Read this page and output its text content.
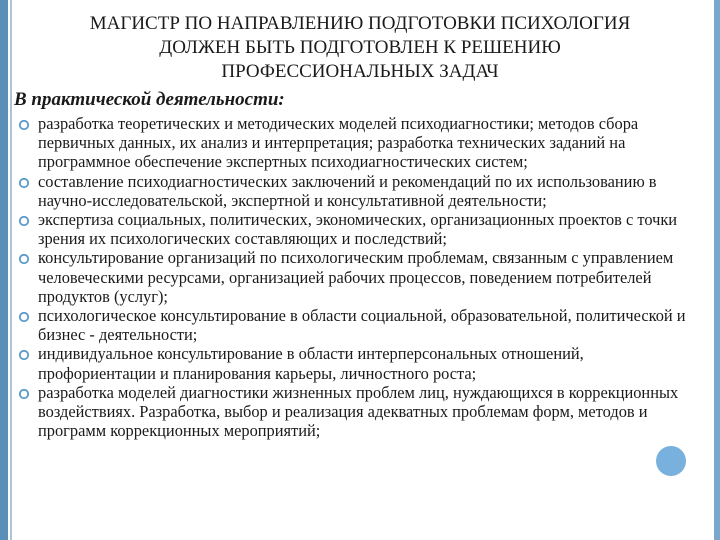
МАГИСТР ПО НАПРАВЛЕНИЮ ПОДГОТОВКИ ПСИХОЛОГИЯ
ДОЛЖЕН БЫТЬ ПОДГОТОВЛЕН К РЕШЕНИЮ
ПРОФЕССИОНАЛЬНЫХ ЗАДАЧ
В практической деятельности:
разработка теоретических и методических моделей психодиагностики; методов сбора первичных данных, их анализ и интерпретация; разработка технических заданий на программное обеспечение экспертных психодиагностических систем;
составление психодиагностических заключений и рекомендаций по их использованию в научно-исследовательской, экспертной и консультативной деятельности;
экспертиза социальных, политических, экономических, организационных проектов с точки зрения их психологических составляющих и последствий;
консультирование организаций по психологическим проблемам, связанным с управлением человеческими ресурсами, организацией рабочих процессов, поведением потребителей продуктов (услуг);
психологическое консультирование в области социальной, образовательной, политической и бизнес - деятельности;
индивидуальное консультирование в области интерперсональных отношений, профориентации и планирования карьеры, личностного роста;
разработка моделей диагностики жизненных проблем лиц, нуждающихся в коррекционных воздействиях. Разработка, выбор и реализация адекватных проблемам форм, методов и программ коррекционных мероприятий;
